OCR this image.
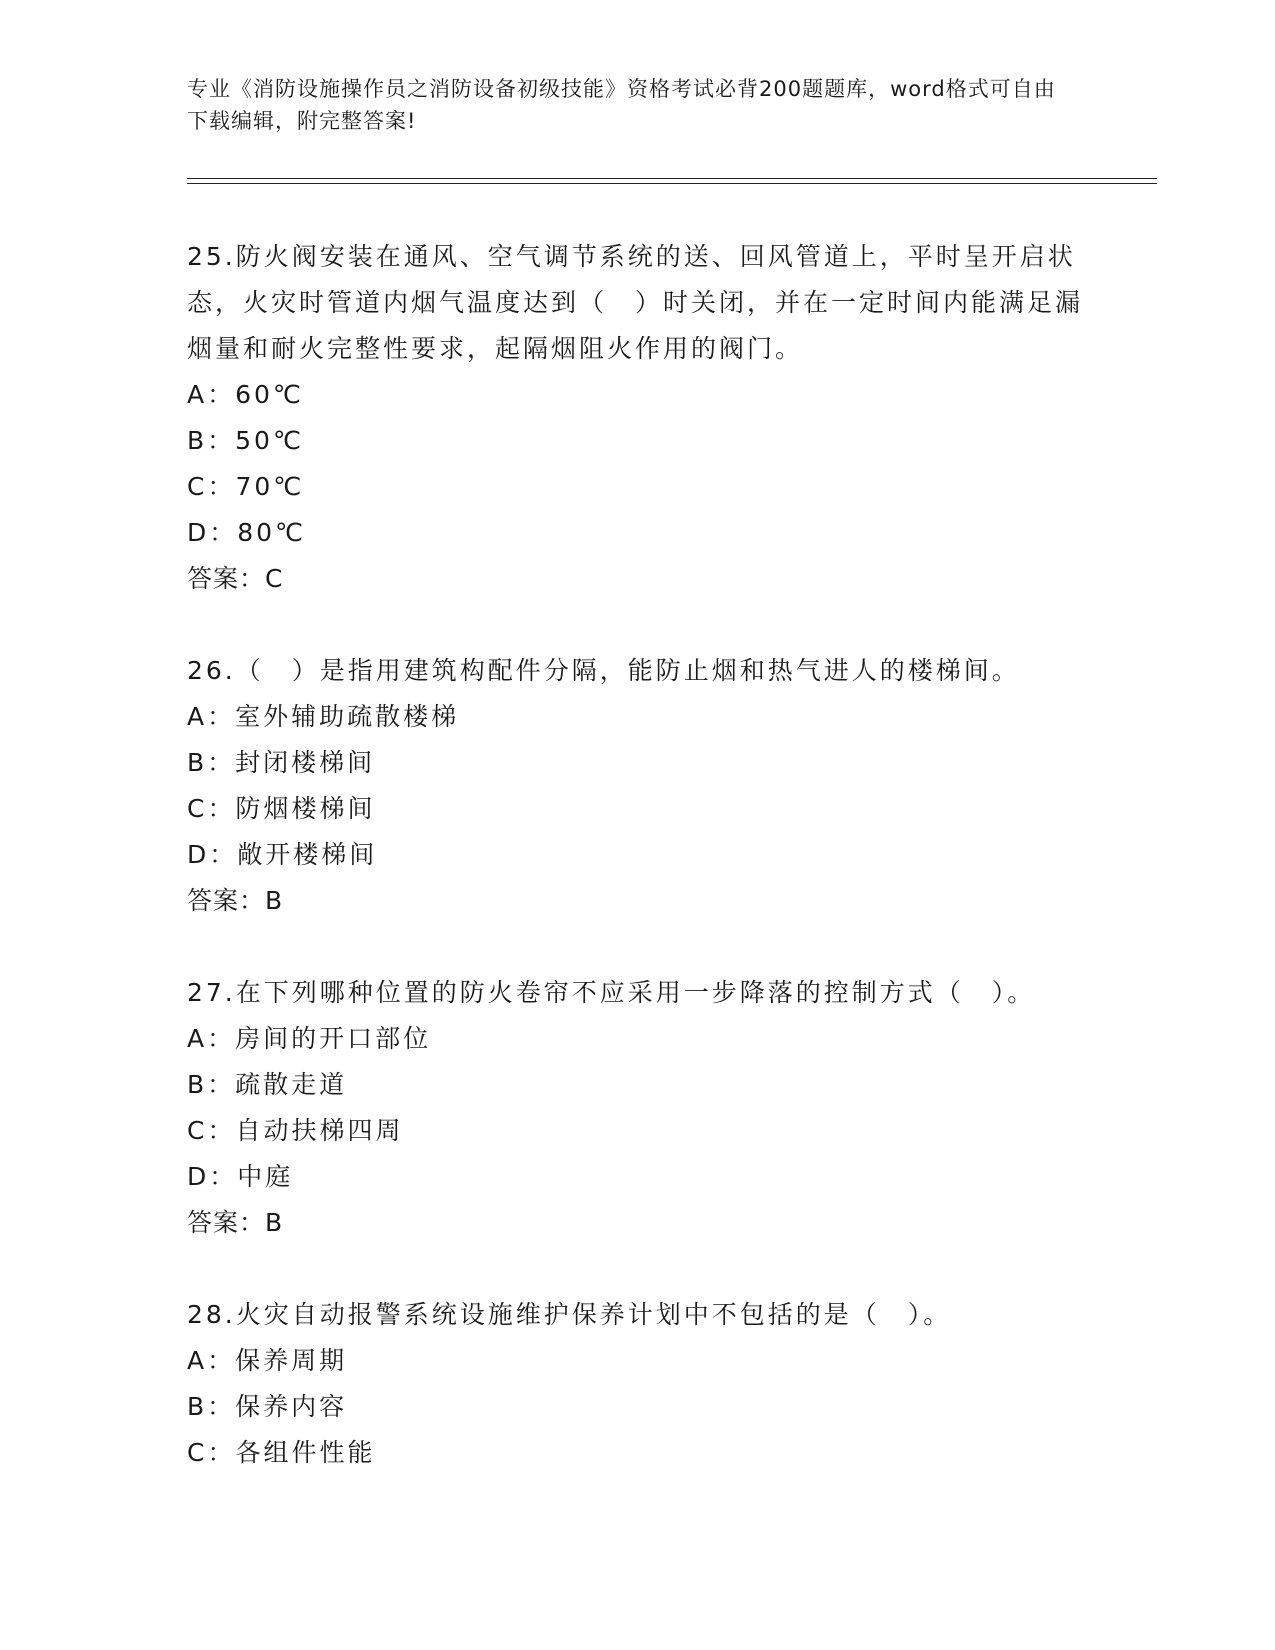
专业《消防设施操作员之消防设备初级技能》资格考试必背200题题库，word格式可自由下载编辑，附完整答案!

25.防火阀安装在通风、空气调节系统的送、回风管道上，平时呈开启状态，火灾时管道内烟气温度达到（　）时关闭，并在一定时间内能满足漏烟量和耐火完整性要求，起隔烟阻火作用的阀门。

A：60℃

B：50℃

C：70℃

D：80℃

答案：C

26.（　）是指用建筑构配件分隔，能防止烟和热气进人的楼梯间。

A：室外辅助疏散楼梯

B：封闭楼梯间

C：防烟楼梯间

D：敞开楼梯间

答案：B

27.在下列哪种位置的防火卷帘不应采用一步降落的控制方式（　）。

A：房间的开口部位

B：疏散走道

C：自动扶梯四周

D：中庭

答案：B

28.火灾自动报警系统设施维护保养计划中不包括的是（　）。

A：保养周期

B：保养内容

C：各组件性能
